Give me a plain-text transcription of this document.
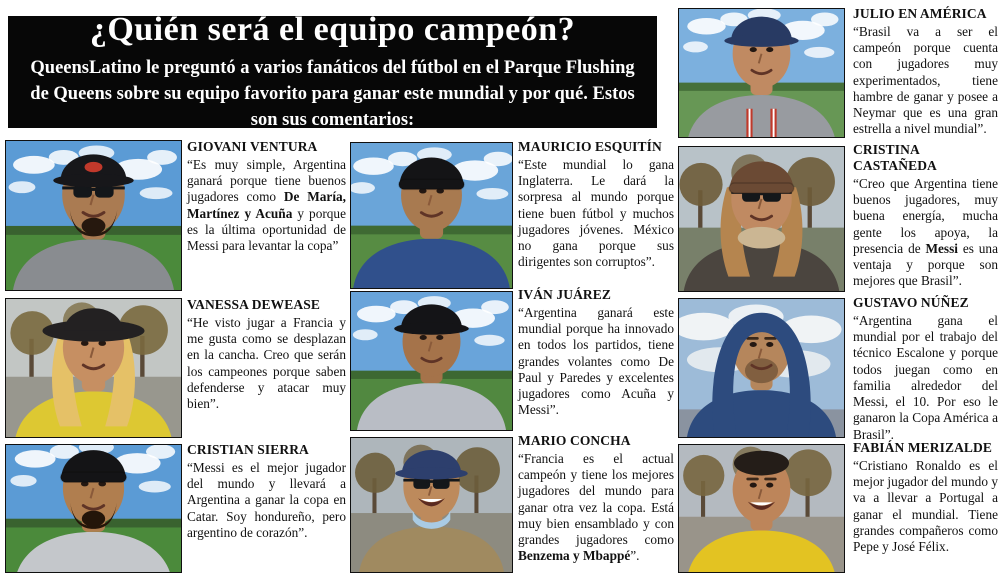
¿Quién será el equipo campeón?

QueensLatino le preguntó a varios fanáticos del fútbol en el Parque Flushing de Queens sobre su equipo favorito para ganar este mundial y por qué. Estos son sus comentarios:

GIOVANI VENTURA

“Es muy simple, Argentina ganará porque tiene buenos jugadores como De María, Martínez y Acuña y porque es la última oportunidad de Messi para levantar la copa”

MAURICIO ESQUITÍN

“Este mundial lo gana Inglaterra. Le dará la sorpresa al mundo porque tiene buen fútbol y muchos jugadores jóvenes. México no gana porque sus dirigentes son corruptos”.

JULIO EN AMÉRICA

“Brasil va a ser el campeón porque cuenta con jugadores muy experimentados, tiene hambre de ganar y posee a Neymar que es una gran estrella a nivel mundial”.

CRISTINA CASTAÑEDA

“Creo que Argentina tiene buenos jugadores, muy buena energía, mucha gente los apoya, la presencia de Messi es una ventaja y porque son mejores que Brasil”.

VANESSA DEWEASE

“He visto jugar a Francia y me gusta como se desplazan en la cancha. Creo que serán los campeones porque saben defenderse y atacar muy bien”.

IVÁN JUÁREZ

“Argentina ganará este mundial porque ha innovado en todos los partidos, tiene grandes volantes como De Paul y Paredes y excelentes jugadores como Acuña y Messi”.

GUSTAVO NÚÑEZ

“Argentina gana el mundial por el trabajo del técnico Escalone y porque todos juegan como en familia alrededor del Messi, el 10. Por eso le ganaron la Copa América a Brasil”.

CRISTIAN SIERRA

“Messi es el mejor jugador del mundo y llevará a Argentina a ganar la copa en Catar. Soy hondureño, pero argentino de corazón”.

MARIO CONCHA

“Francia es el actual campeón y tiene los mejores jugadores del mundo para ganar otra vez la copa. Está muy bien ensamblado y con grandes jugadores como Benzema y Mbappé”.

FABIÁN MERIZALDE

“Cristiano Ronaldo es el mejor jugador del mundo y va a llevar a Portugal a ganar el mundial. Tiene grandes compañeros como Pepe y José Félix.
